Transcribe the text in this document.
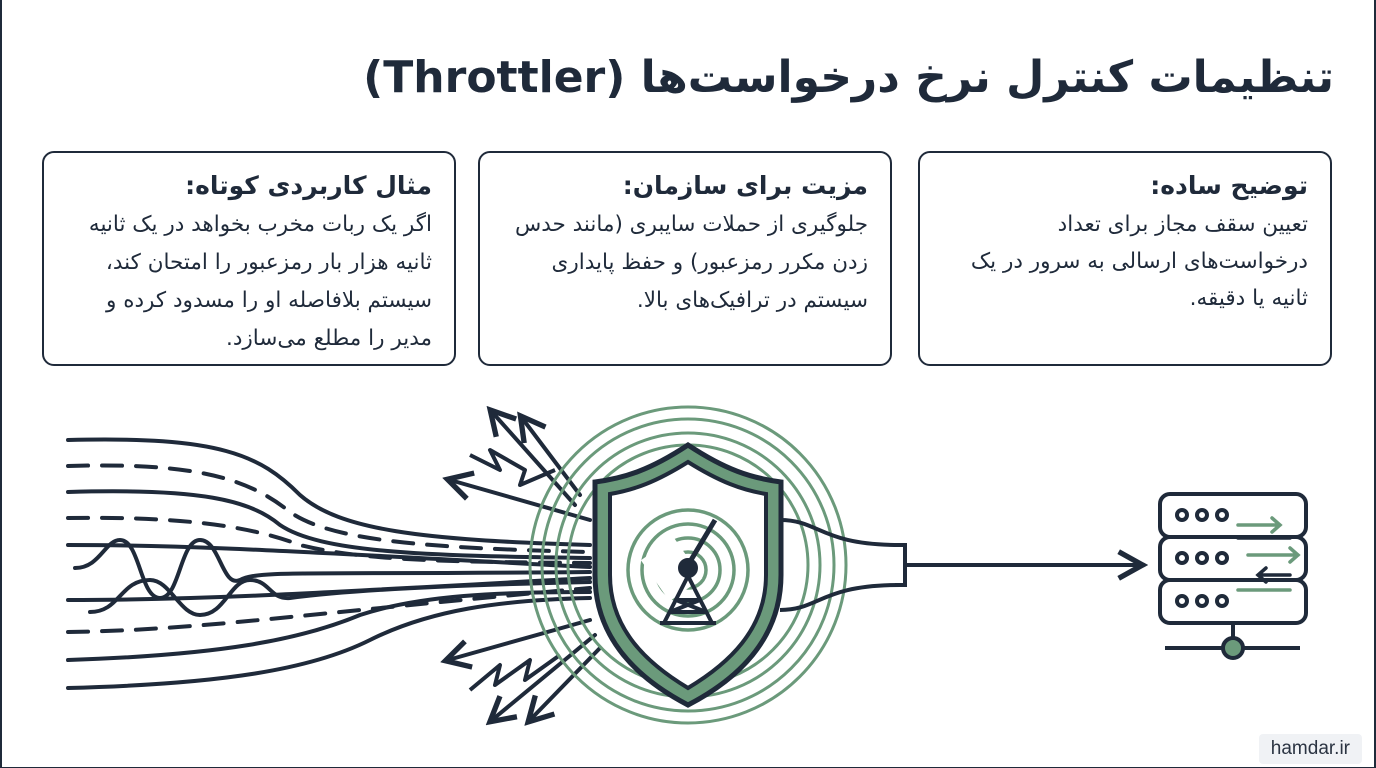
تنظیمات کنترل نرخ درخواست‌ها (Throttler)
توضیح ساده:

تعیین سقف مجاز برای تعداد درخواست‌های ارسالی به سرور در یک ثانیه یا دقیقه.

مزیت برای سازمان:

جلوگیری از حملات سایبری (مانند حدس زدن مکرر رمزعبور) و حفظ پایداری سیستم در ترافیک‌های بالا.

مثال کاربردی کوتاه:

اگر یک ربات مخرب بخواهد در یک ثانیه ثانیه هزار بار رمزعبور را امتحان کند، سیستم بلافاصله او را مسدود کرده و مدیر را مطلع می‌سازد.

hamdar.ir
